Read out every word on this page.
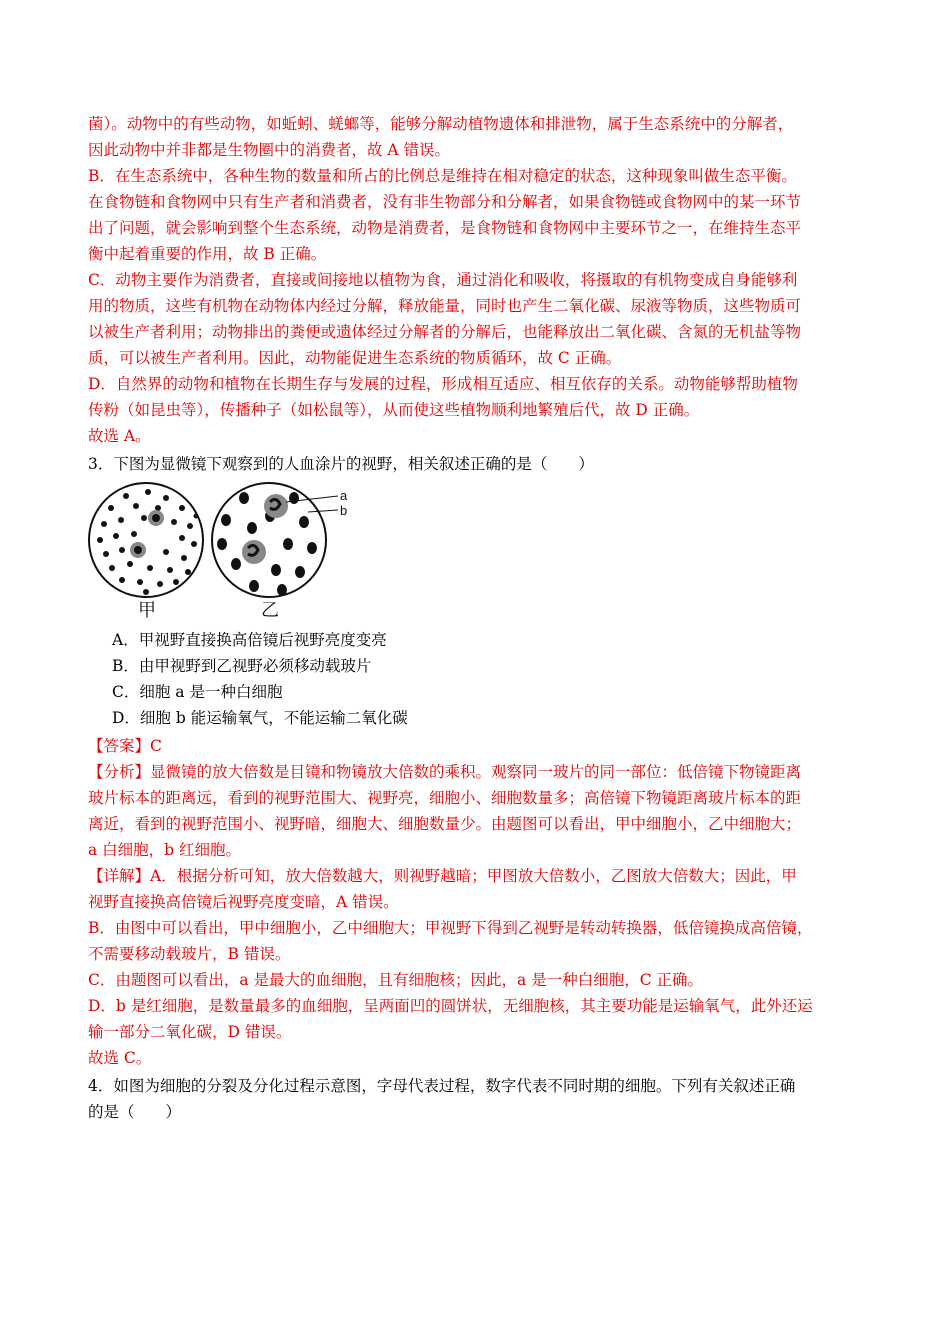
菌）。动物中的有些动物，如蚯蚓、蜣螂等，能够分解动植物遗体和排泄物，属于生态系统中的分解者，
因此动物中并非都是生物圈中的消费者，故 A 错误。
B．在生态系统中，各种生物的数量和所占的比例总是维持在相对稳定的状态，这种现象叫做生态平衡。
在食物链和食物网中只有生产者和消费者，没有非生物部分和分解者，如果食物链或食物网中的某一环节
出了问题，就会影响到整个生态系统，动物是消费者，是食物链和食物网中主要环节之一，在维持生态平
衡中起着重要的作用，故 B 正确。
C．动物主要作为消费者，直接或间接地以植物为食，通过消化和吸收，将摄取的有机物变成自身能够利
用的物质，这些有机物在动物体内经过分解，释放能量，同时也产生二氧化碳、尿液等物质，这些物质可
以被生产者利用；动物排出的粪便或遗体经过分解者的分解后，也能释放出二氧化碳、含氮的无机盐等物
质，可以被生产者利用。因此，动物能促进生态系统的物质循环，故 C 正确。
D．自然界的动物和植物在长期生存与发展的过程，形成相互适应、相互依存的关系。动物能够帮助植物
传粉（如昆虫等），传播种子（如松鼠等），从而使这些植物顺利地繁殖后代，故 D 正确。
故选 A。
3．下图为显微镜下观察到的人血涂片的视野，相关叙述正确的是（　　）
a
b
甲	乙
A．甲视野直接换高倍镜后视野亮度变亮
B．由甲视野到乙视野必须移动载玻片
C．细胞 a 是一种白细胞
D．细胞 b 能运输氧气，不能运输二氧化碳
【答案】C
【分析】显微镜的放大倍数是目镜和物镜放大倍数的乘积。观察同一玻片的同一部位：低倍镜下物镜距离
玻片标本的距离远，看到的视野范围大、视野亮，细胞小、细胞数量多；高倍镜下物镜距离玻片标本的距
离近，看到的视野范围小、视野暗，细胞大、细胞数量少。由题图可以看出，甲中细胞小，乙中细胞大；
a 白细胞，b 红细胞。
【详解】A．根据分析可知，放大倍数越大，则视野越暗；甲图放大倍数小，乙图放大倍数大；因此，甲
视野直接换高倍镜后视野亮度变暗，A 错误。
B．由图中可以看出，甲中细胞小，乙中细胞大；甲视野下得到乙视野是转动转换器，低倍镜换成高倍镜，
不需要移动载玻片，B 错误。
C．由题图可以看出，a 是最大的血细胞，且有细胞核；因此，a 是一种白细胞，C 正确。
D．b 是红细胞，是数量最多的血细胞，呈两面凹的圆饼状，无细胞核，其主要功能是运输氧气，此外还运
输一部分二氧化碳，D 错误。
故选 C。
4．如图为细胞的分裂及分化过程示意图，字母代表过程，数字代表不同时期的细胞。下列有关叙述正确
的是（　　）
